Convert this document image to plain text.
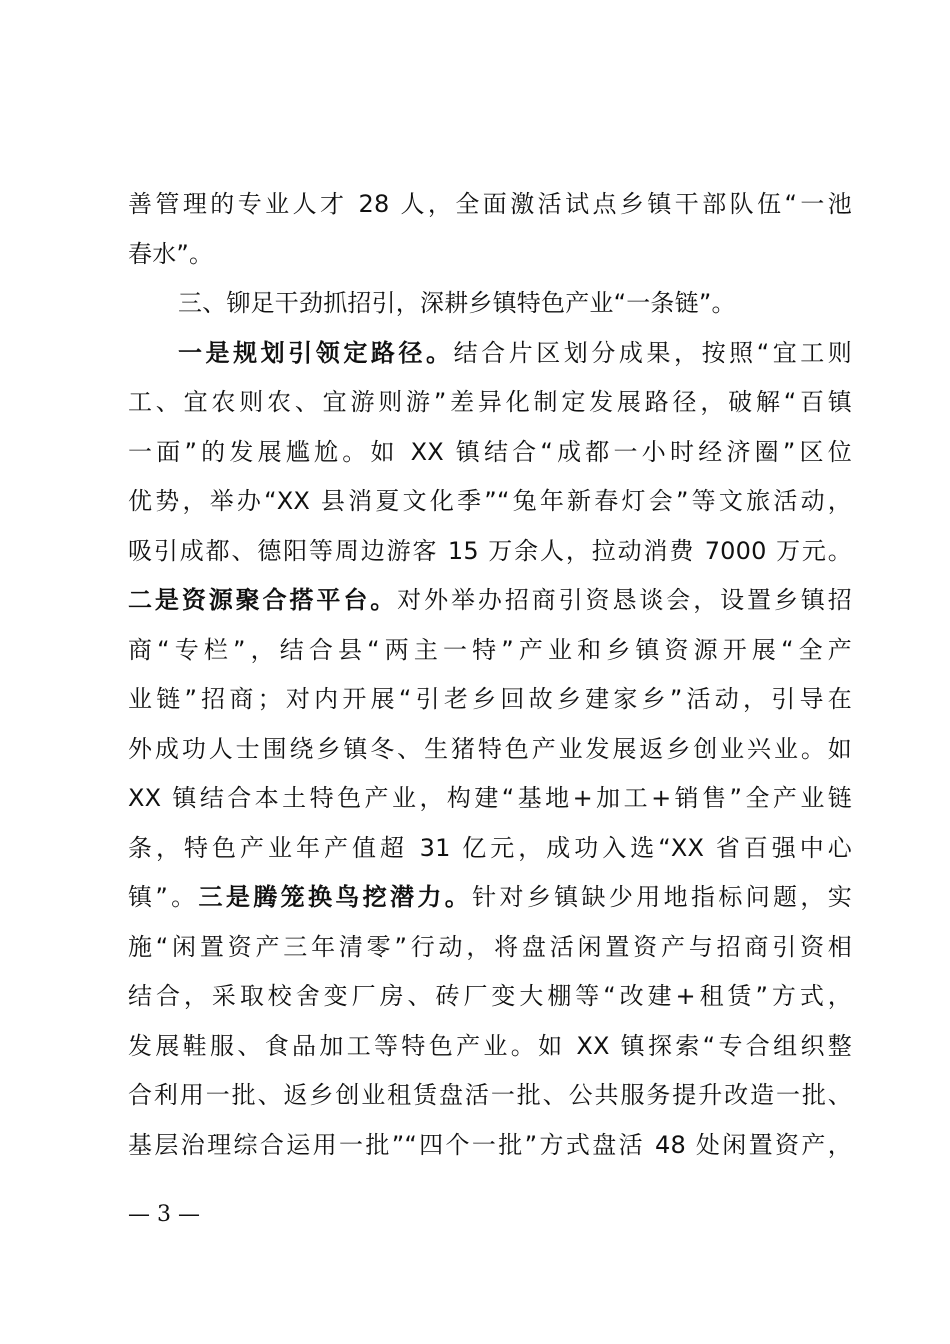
善管理的专业人才 28 人，全面激活试点乡镇干部队伍“一池
春水”。
三、铆足干劲抓招引，深耕乡镇特色产业“一条链”。
一是规划引领定路径。结合片区划分成果，按照“宜工则
工、宜农则农、宜游则游”差异化制定发展路径，破解“百镇
一面”的发展尴尬。如 XX 镇结合“成都一小时经济圈”区位
优势，举办“XX 县消夏文化季”“兔年新春灯会”等文旅活动，
吸引成都、德阳等周边游客 15 万余人，拉动消费 7000 万元。
二是资源聚合搭平台。对外举办招商引资恳谈会，设置乡镇招
商“专栏”，结合县“两主一特”产业和乡镇资源开展“全产
业链”招商；对内开展“引老乡回故乡建家乡”活动，引导在
外成功人士围绕乡镇冬、生猪特色产业发展返乡创业兴业。如
XX 镇结合本土特色产业，构建“基地+加工+销售”全产业链
条，特色产业年产值超 31 亿元，成功入选“XX 省百强中心
镇”。三是腾笼换鸟挖潜力。针对乡镇缺少用地指标问题，实
施“闲置资产三年清零”行动，将盘活闲置资产与招商引资相
结合，采取校舍变厂房、砖厂变大棚等“改建+租赁”方式，
发展鞋服、食品加工等特色产业。如 XX 镇探索“专合组织整
合利用一批、返乡创业租赁盘活一批、公共服务提升改造一批、
基层治理综合运用一批”“四个一批”方式盘活 48 处闲置资产，
— 3 —
